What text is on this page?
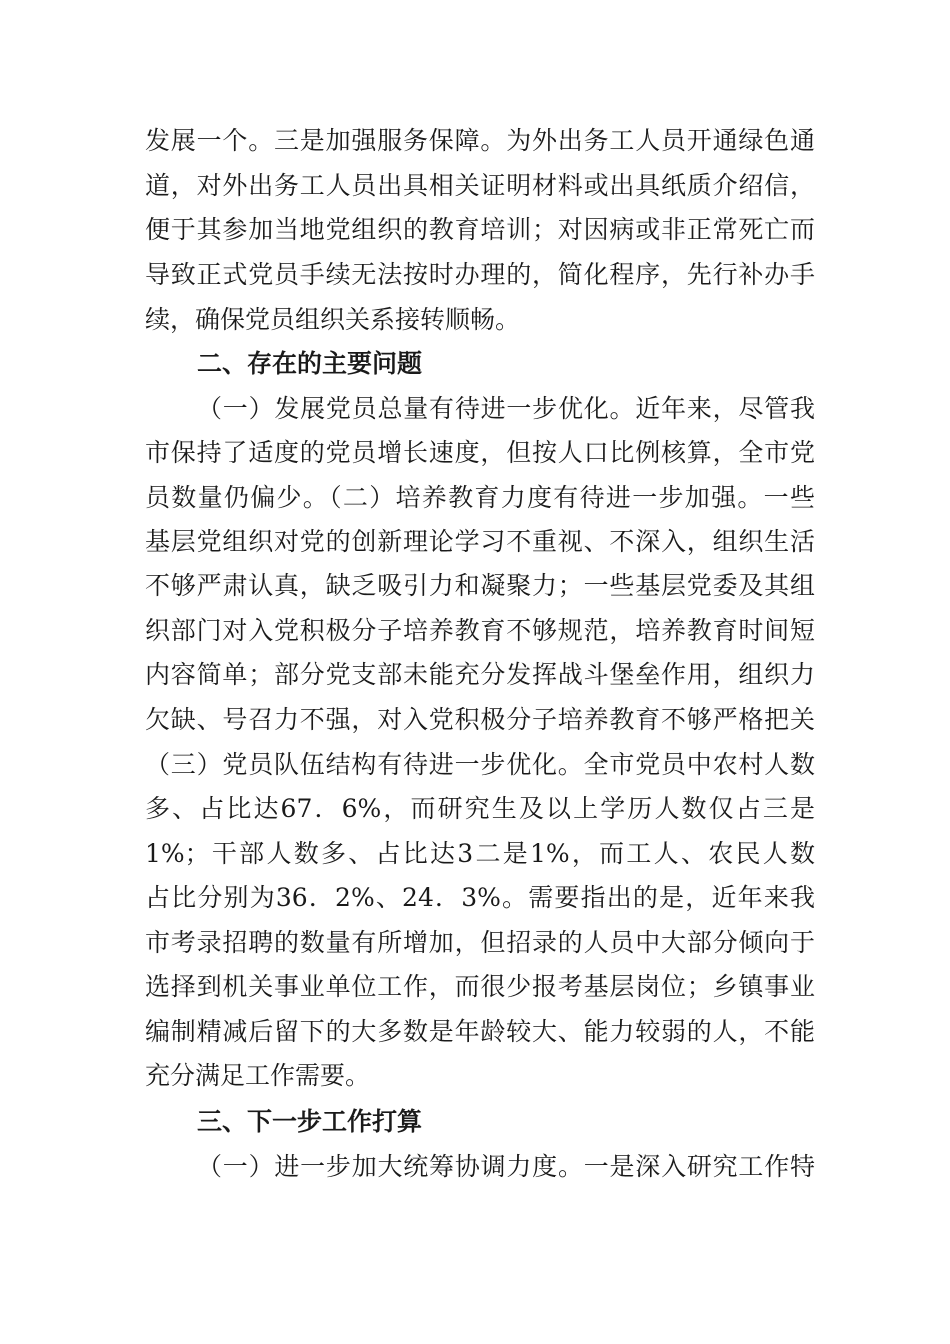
发展一个。三是加强服务保障。为外出务工人员开通绿色通
道，对外出务工人员出具相关证明材料或出具纸质介绍信，
便于其参加当地党组织的教育培训；对因病或非正常死亡而
导致正式党员手续无法按时办理的，简化程序，先行补办手
续，确保党员组织关系接转顺畅。
二、存在的主要问题
（一）发展党员总量有待进一步优化。近年来，尽管我
市保持了适度的党员增长速度，但按人口比例核算，全市党
员数量仍偏少。（二）培养教育力度有待进一步加强。一些
基层党组织对党的创新理论学习不重视、不深入，组织生活
不够严肃认真，缺乏吸引力和凝聚力；一些基层党委及其组
织部门对入党积极分子培养教育不够规范，培养教育时间短
内容简单；部分党支部未能充分发挥战斗堡垒作用，组织力
欠缺、号召力不强，对入党积极分子培养教育不够严格把关
（三）党员队伍结构有待进一步优化。全市党员中农村人数
多、占比达67．6%，而研究生及以上学历人数仅占三是
1%；干部人数多、占比达3二是1%，而工人、农民人数
占比分别为36．2%、24．3%。需要指出的是，近年来我
市考录招聘的数量有所增加，但招录的人员中大部分倾向于
选择到机关事业单位工作，而很少报考基层岗位；乡镇事业
编制精减后留下的大多数是年龄较大、能力较弱的人，不能
充分满足工作需要。
三、下一步工作打算
（一）进一步加大统筹协调力度。一是深入研究工作特
